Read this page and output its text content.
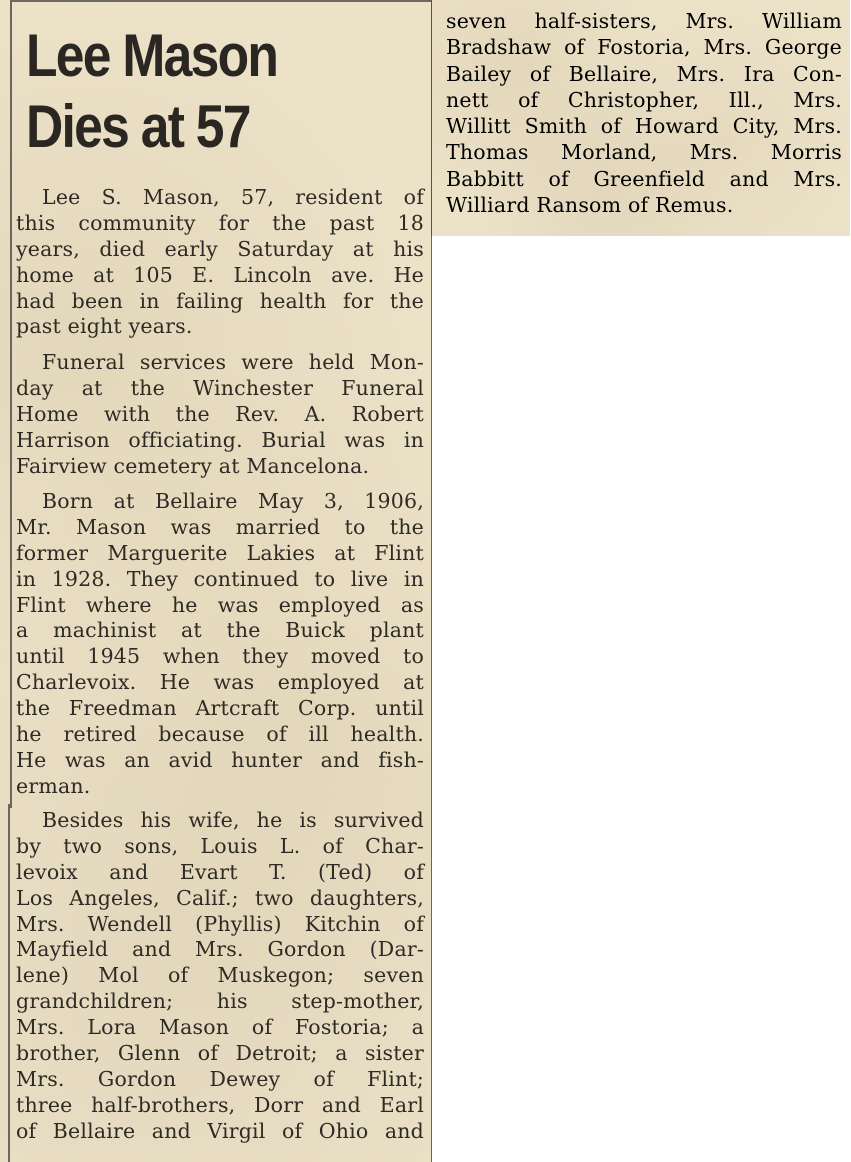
Lee Mason
Dies at 57
Lee S. Mason, 57, resident of
this community for the past 18
years, died early Saturday at his
home at 105 E. Lincoln ave. He
had been in failing health for the
past eight years.
Funeral services were held Mon-
day at the Winchester Funeral
Home with the Rev. A. Robert
Harrison officiating. Burial was in
Fairview cemetery at Mancelona.
Born at Bellaire May 3, 1906,
Mr. Mason was married to the
former Marguerite Lakies at Flint
in 1928. They continued to live in
Flint where he was employed as
a machinist at the Buick plant
until 1945 when they moved to
Charlevoix. He was employed at
the Freedman Artcraft Corp. until
he retired because of ill health.
He was an avid hunter and fish-
erman.
Besides his wife, he is survived
by two sons, Louis L. of Char-
levoix and Evart T. (Ted) of
Los Angeles, Calif.; two daughters,
Mrs. Wendell (Phyllis) Kitchin of
Mayfield and Mrs. Gordon (Dar-
lene) Mol of Muskegon; seven
grandchildren; his step-mother,
Mrs. Lora Mason of Fostoria; a
brother, Glenn of Detroit; a sister
Mrs. Gordon Dewey of Flint;
three half-brothers, Dorr and Earl
of Bellaire and Virgil of Ohio and
seven half-sisters, Mrs. William
Bradshaw of Fostoria, Mrs. George
Bailey of Bellaire, Mrs. Ira Con-
nett of Christopher, Ill., Mrs.
Willitt Smith of Howard City, Mrs.
Thomas Morland, Mrs. Morris
Babbitt of Greenfield and Mrs.
Williard Ransom of Remus.
